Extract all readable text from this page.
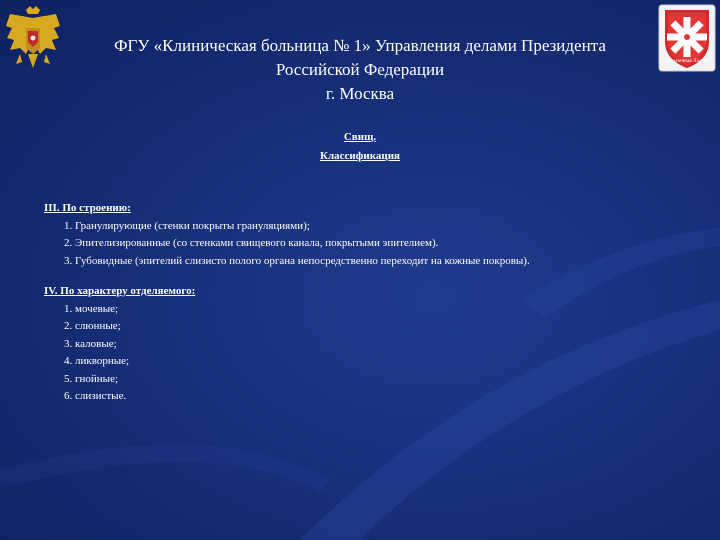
Больничная Ладога
ФГУ «Клиническая больница № 1» Управления делами Президента
Российской Федерации
г. Москва
Свищ.
Классификация
III. По строению:
1. Гранулирующие (стенки покрыты грануляциями);
2. Эпителизированные (со стенками свищевого канала, покрытыми эпителием).
3. Губовидные (эпителий слизисто полого органа непосредственно переходит на кожные покровы).
IV. По характеру отделяемого:
1. мочевые;
2. слюнные;
3. каловые;
4. ликворные;
5. гнойные;
6. слизистые.
